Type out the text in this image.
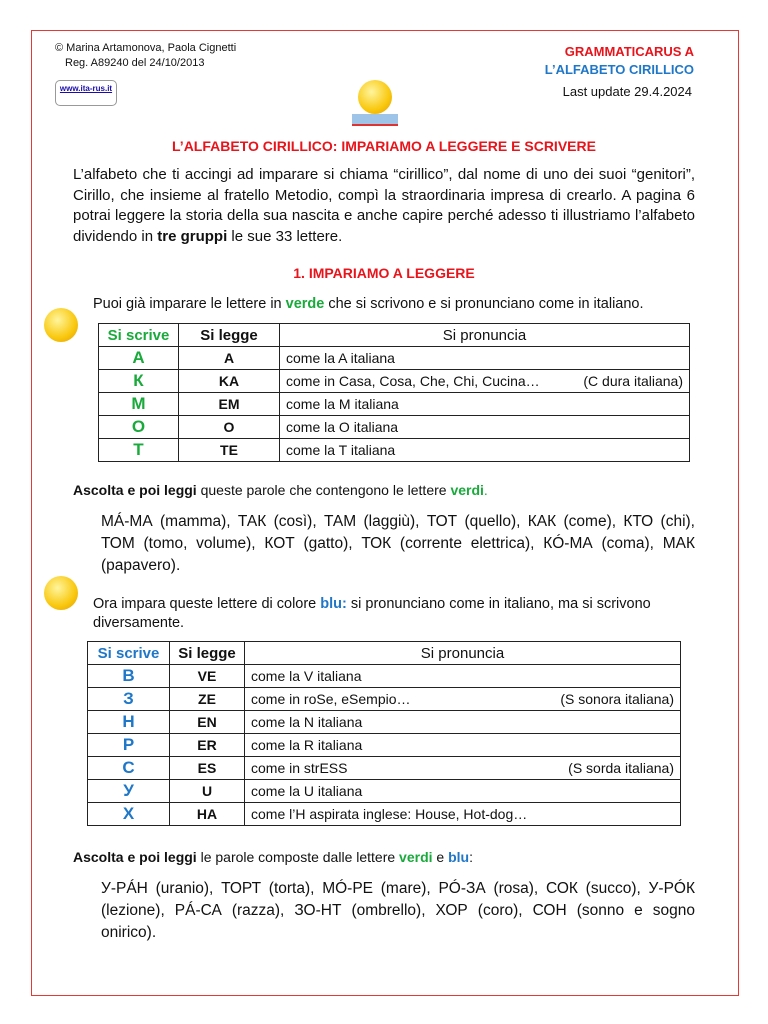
© Marina Artamonova, Paola Cignetti
Reg. A89240 del 24/10/2013
www.ita-rus.it
GRAMMATICARUS A
L’ALFABETO CIRILLICO
Last update 29.4.2024
L’ALFABETO CIRILLICO: IMPARIAMO A LEGGERE E SCRIVERE
L’alfabeto che ti accingi ad imparare si chiama “cirillico”, dal nome di uno dei suoi “genitori”, Cirillo, che insieme al fratello Metodio, compì la straordinaria impresa di crearlo. A pagina 6 potrai leggere la storia della sua nascita e anche capire perché adesso ti illustriamo l’alfabeto dividendo in tre gruppi le sue 33 lettere.
1. IMPARIAMO A LEGGERE
Puoi già imparare le lettere in verde che si scrivono e si pronunciano come in italiano.
Si scrive	Si legge	Si pronuncia
А	A	come la A italiana
К	KA	come in Casa, Cosa, Che, Chi, Cucina… (C dura italiana)

М	EM	come la M italiana
О	O	come la O italiana
Т	TE	come la T italiana
Ascolta e poi leggi queste parole che contengono le lettere verdi.
МÁ-МА (mamma), ТАК (così), ТАМ (laggiù), ТОТ (quello), КАК (come), КТО (chi), ТОМ (tomo, volume), КОТ (gatto), ТОК (corrente elettrica), КÓ-МА (coma), МАК (papavero).
Ora impara queste lettere di colore blu: si pronunciano come in italiano, ma si scrivono diversamente.
Si scrive	Si legge	Si pronuncia
В	VE	come la V italiana
З	ZE	come in roSe, eSempio… (S sonora italiana)

Н	EN	come la N italiana
Р	ER	come la R italiana
С	ES	come in strESS (S sorda italiana)

У	U	come la U italiana
Х	HA	come l’H aspirata inglese: House, Hot-dog…
Ascolta e poi leggi le parole composte dalle lettere verdi e blu:
У-РÁН (uranio), ТОРТ (torta), МÓ-РЕ (mare), РÓ-ЗА (rosa), СОК (succo), У-РÓК (lezione), РÁ-СА (razza), ЗО-НТ (ombrello), ХОР (coro), СОН (sonno e sogno onirico).
